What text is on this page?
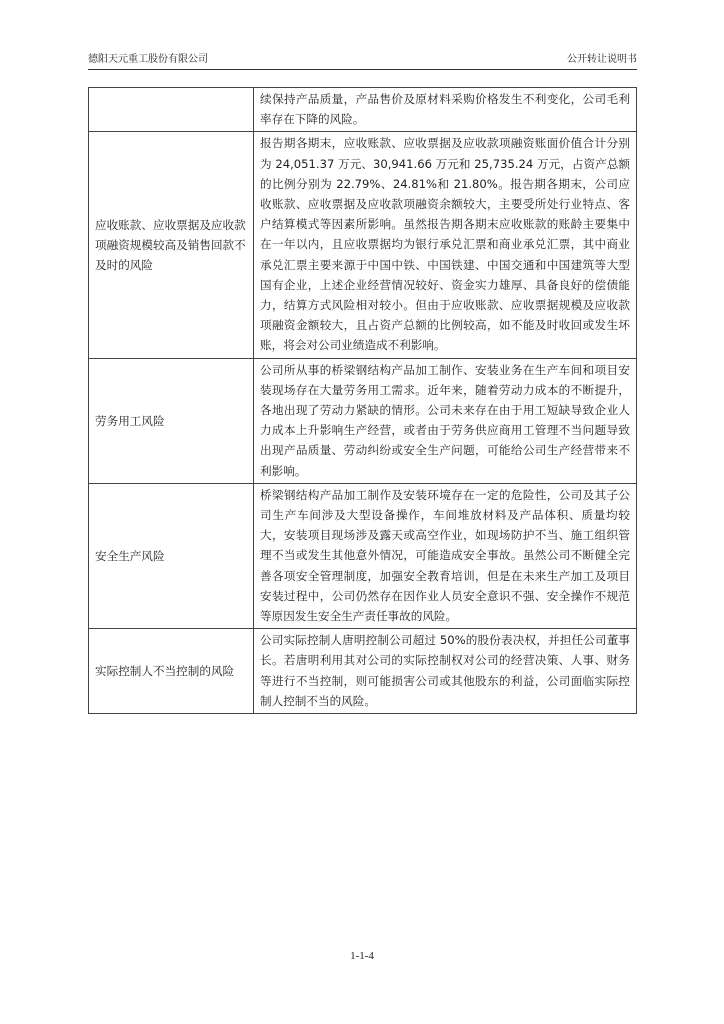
德阳天元重工股份有限公司	公开转让说明书
	续保持产品质量，产品售价及原材料采购价格发生不利变化，公司毛利率存在下降的风险。
应收账款、应收票据及应收款项融资规模较高及销售回款不及时的风险	报告期各期末，应收账款、应收票据及应收款项融资账面价值合计分别为 24,051.37 万元、30,941.66 万元和 25,735.24 万元，占资产总额的比例分别为 22.79%、24.81%和 21.80%。报告期各期末，公司应收账款、应收票据及应收款项融资余额较大，主要受所处行业特点、客户结算模式等因素所影响。虽然报告期各期末应收账款的账龄主要集中在一年以内，且应收票据均为银行承兑汇票和商业承兑汇票，其中商业承兑汇票主要来源于中国中铁、中国铁建、中国交通和中国建筑等大型国有企业，上述企业经营情况较好、资金实力雄厚、具备良好的偿债能力，结算方式风险相对较小。但由于应收账款、应收票据规模及应收款项融资金额较大，且占资产总额的比例较高，如不能及时收回或发生坏账，将会对公司业绩造成不利影响。
劳务用工风险	公司所从事的桥梁钢结构产品加工制作、安装业务在生产车间和项目安装现场存在大量劳务用工需求。近年来，随着劳动力成本的不断提升，各地出现了劳动力紧缺的情形。公司未来存在由于用工短缺导致企业人力成本上升影响生产经营，或者由于劳务供应商用工管理不当问题导致出现产品质量、劳动纠纷或安全生产问题，可能给公司生产经营带来不利影响。
安全生产风险	桥梁钢结构产品加工制作及安装环境存在一定的危险性，公司及其子公司生产车间涉及大型设备操作，车间堆放材料及产品体积、质量均较大，安装项目现场涉及露天或高空作业，如现场防护不当、施工组织管理不当或发生其他意外情况，可能造成安全事故。虽然公司不断健全完善各项安全管理制度，加强安全教育培训，但是在未来生产加工及项目安装过程中，公司仍然存在因作业人员安全意识不强、安全操作不规范等原因发生安全生产责任事故的风险。
实际控制人不当控制的风险	公司实际控制人唐明控制公司超过 50%的股份表决权，并担任公司董事长。若唐明利用其对公司的实际控制权对公司的经营决策、人事、财务等进行不当控制，则可能损害公司或其他股东的利益，公司面临实际控制人控制不当的风险。
1-1-4
